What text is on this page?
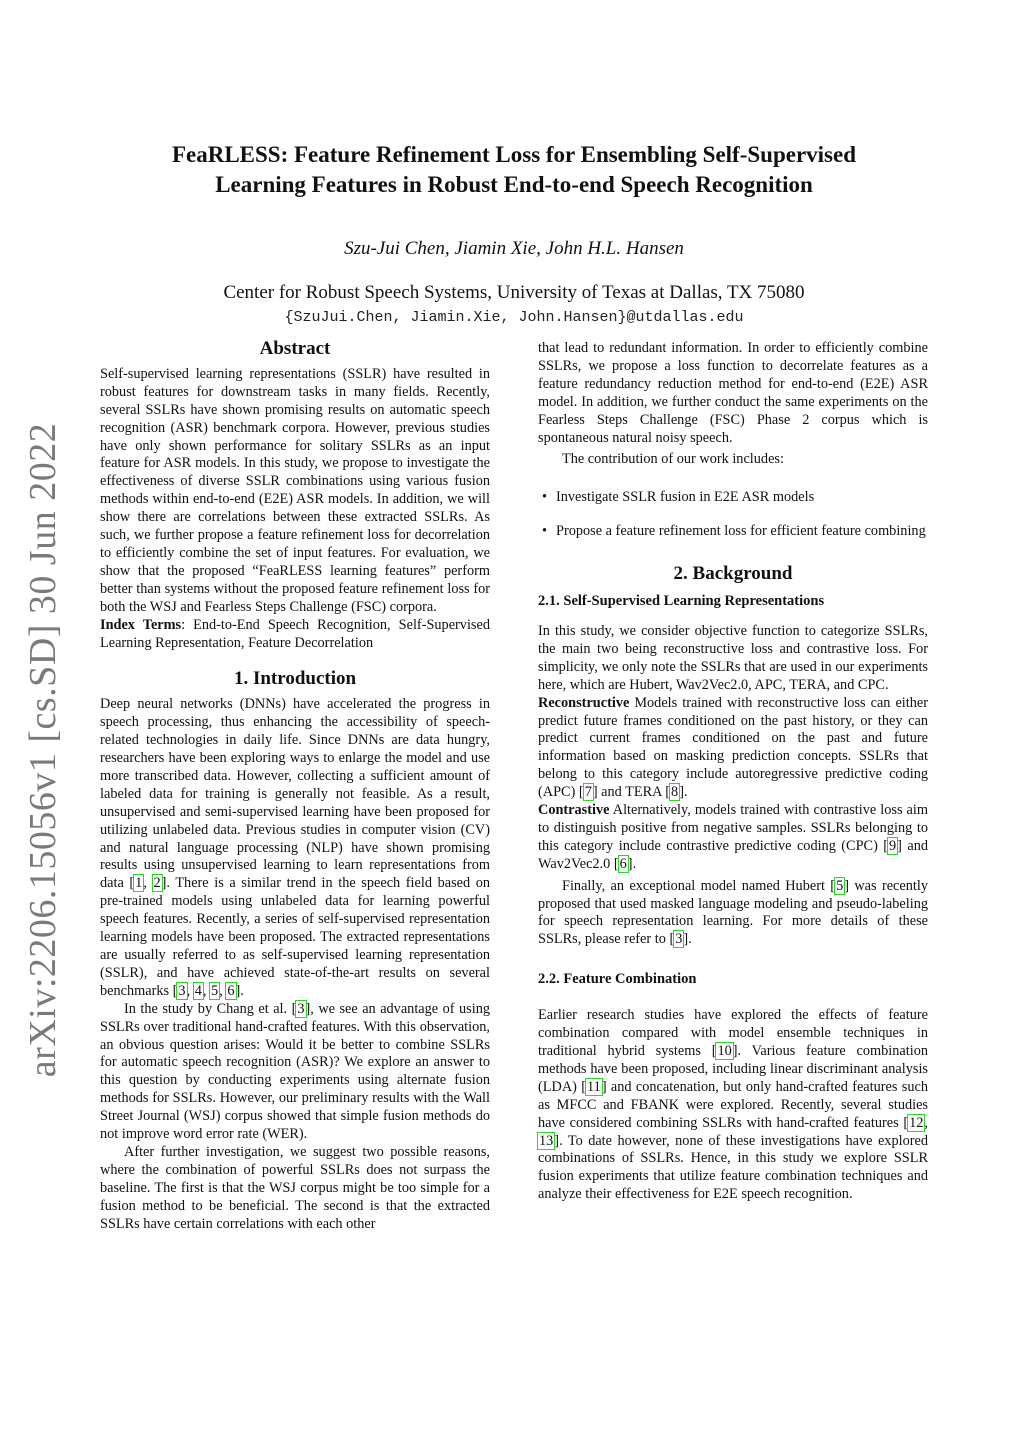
arXiv:2206.15056v1 [cs.SD] 30 Jun 2022
FeaRLESS: Feature Refinement Loss for Ensembling Self-Supervised
Learning Features in Robust End-to-end Speech Recognition
Szu-Jui Chen, Jiamin Xie, John H.L. Hansen
Center for Robust Speech Systems, University of Texas at Dallas, TX 75080
{SzuJui.Chen, Jiamin.Xie, John.Hansen}@utdallas.edu
Abstract

Self-supervised learning representations (SSLR) have resulted in robust features for downstream tasks in many fields. Recently, several SSLRs have shown promising results on automatic speech recognition (ASR) benchmark corpora. However, previous studies have only shown performance for solitary SSLRs as an input feature for ASR models. In this study, we propose to investigate the effectiveness of diverse SSLR combinations using various fusion methods within end-to-end (E2E) ASR models. In addition, we will show there are correlations between these extracted SSLRs. As such, we further propose a feature refinement loss for decorrelation to efficiently combine the set of input features. For evaluation, we show that the proposed “FeaRLESS learning features” perform better than systems without the proposed feature refinement loss for both the WSJ and Fearless Steps Challenge (FSC) corpora.

Index Terms: End-to-End Speech Recognition, Self-Supervised Learning Representation, Feature Decorrelation

1. Introduction

Deep neural networks (DNNs) have accelerated the progress in speech processing, thus enhancing the accessibility of speech-related technologies in daily life. Since DNNs are data hungry, researchers have been exploring ways to enlarge the model and use more transcribed data. However, collecting a sufficient amount of labeled data for training is generally not feasible. As a result, unsupervised and semi-supervised learning have been proposed for utilizing unlabeled data. Previous studies in computer vision (CV) and natural language processing (NLP) have shown promising results using unsupervised learning to learn representations from data [1, 2]. There is a similar trend in the speech field based on pre-trained models using unlabeled data for learning powerful speech features. Recently, a series of self-supervised representation learning models have been proposed. The extracted representations are usually referred to as self-supervised learning representation (SSLR), and have achieved state-of-the-art results on several benchmarks [3, 4, 5, 6].

In the study by Chang et al. [3], we see an advantage of using SSLRs over traditional hand-crafted features. With this observation, an obvious question arises: Would it be better to combine SSLRs for automatic speech recognition (ASR)? We explore an answer to this question by conducting experiments using alternate fusion methods for SSLRs. However, our preliminary results with the Wall Street Journal (WSJ) corpus showed that simple fusion methods do not improve word error rate (WER).

After further investigation, we suggest two possible reasons, where the combination of powerful SSLRs does not surpass the baseline. The first is that the WSJ corpus might be too simple for a fusion method to be beneficial. The second is that the extracted SSLRs have certain correlations with each other

that lead to redundant information. In order to efficiently combine SSLRs, we propose a loss function to decorrelate features as a feature redundancy reduction method for end-to-end (E2E) ASR model. In addition, we further conduct the same experiments on the Fearless Steps Challenge (FSC) Phase 2 corpus which is spontaneous natural noisy speech.

The contribution of our work includes:

• Investigate SSLR fusion in E2E ASR models
• Propose a feature refinement loss for efficient feature combining
2. Background
2.1. Self-Supervised Learning Representations

In this study, we consider objective function to categorize SSLRs, the main two being reconstructive loss and contrastive loss. For simplicity, we only note the SSLRs that are used in our experiments here, which are Hubert, Wav2Vec2.0, APC, TERA, and CPC.

Reconstructive Models trained with reconstructive loss can either predict future frames conditioned on the past history, or they can predict current frames conditioned on the past and future information based on masking prediction concepts. SSLRs that belong to this category include autoregressive predictive coding (APC) [7] and TERA [8].

Contrastive Alternatively, models trained with contrastive loss aim to distinguish positive from negative samples. SSLRs belonging to this category include contrastive predictive coding (CPC) [9] and Wav2Vec2.0 [6].

Finally, an exceptional model named Hubert [5] was recently proposed that used masked language modeling and pseudo-labeling for speech representation learning. For more details of these SSLRs, please refer to [3].

2.2. Feature Combination

Earlier research studies have explored the effects of feature combination compared with model ensemble techniques in traditional hybrid systems [10]. Various feature combination methods have been proposed, including linear discriminant analysis (LDA) [11] and concatenation, but only hand-crafted features such as MFCC and FBANK were explored. Recently, several studies have considered combining SSLRs with hand-crafted features [12, 13]. To date however, none of these investigations have explored combinations of SSLRs. Hence, in this study we explore SSLR fusion experiments that utilize feature combination techniques and analyze their effectiveness for E2E speech recognition.
